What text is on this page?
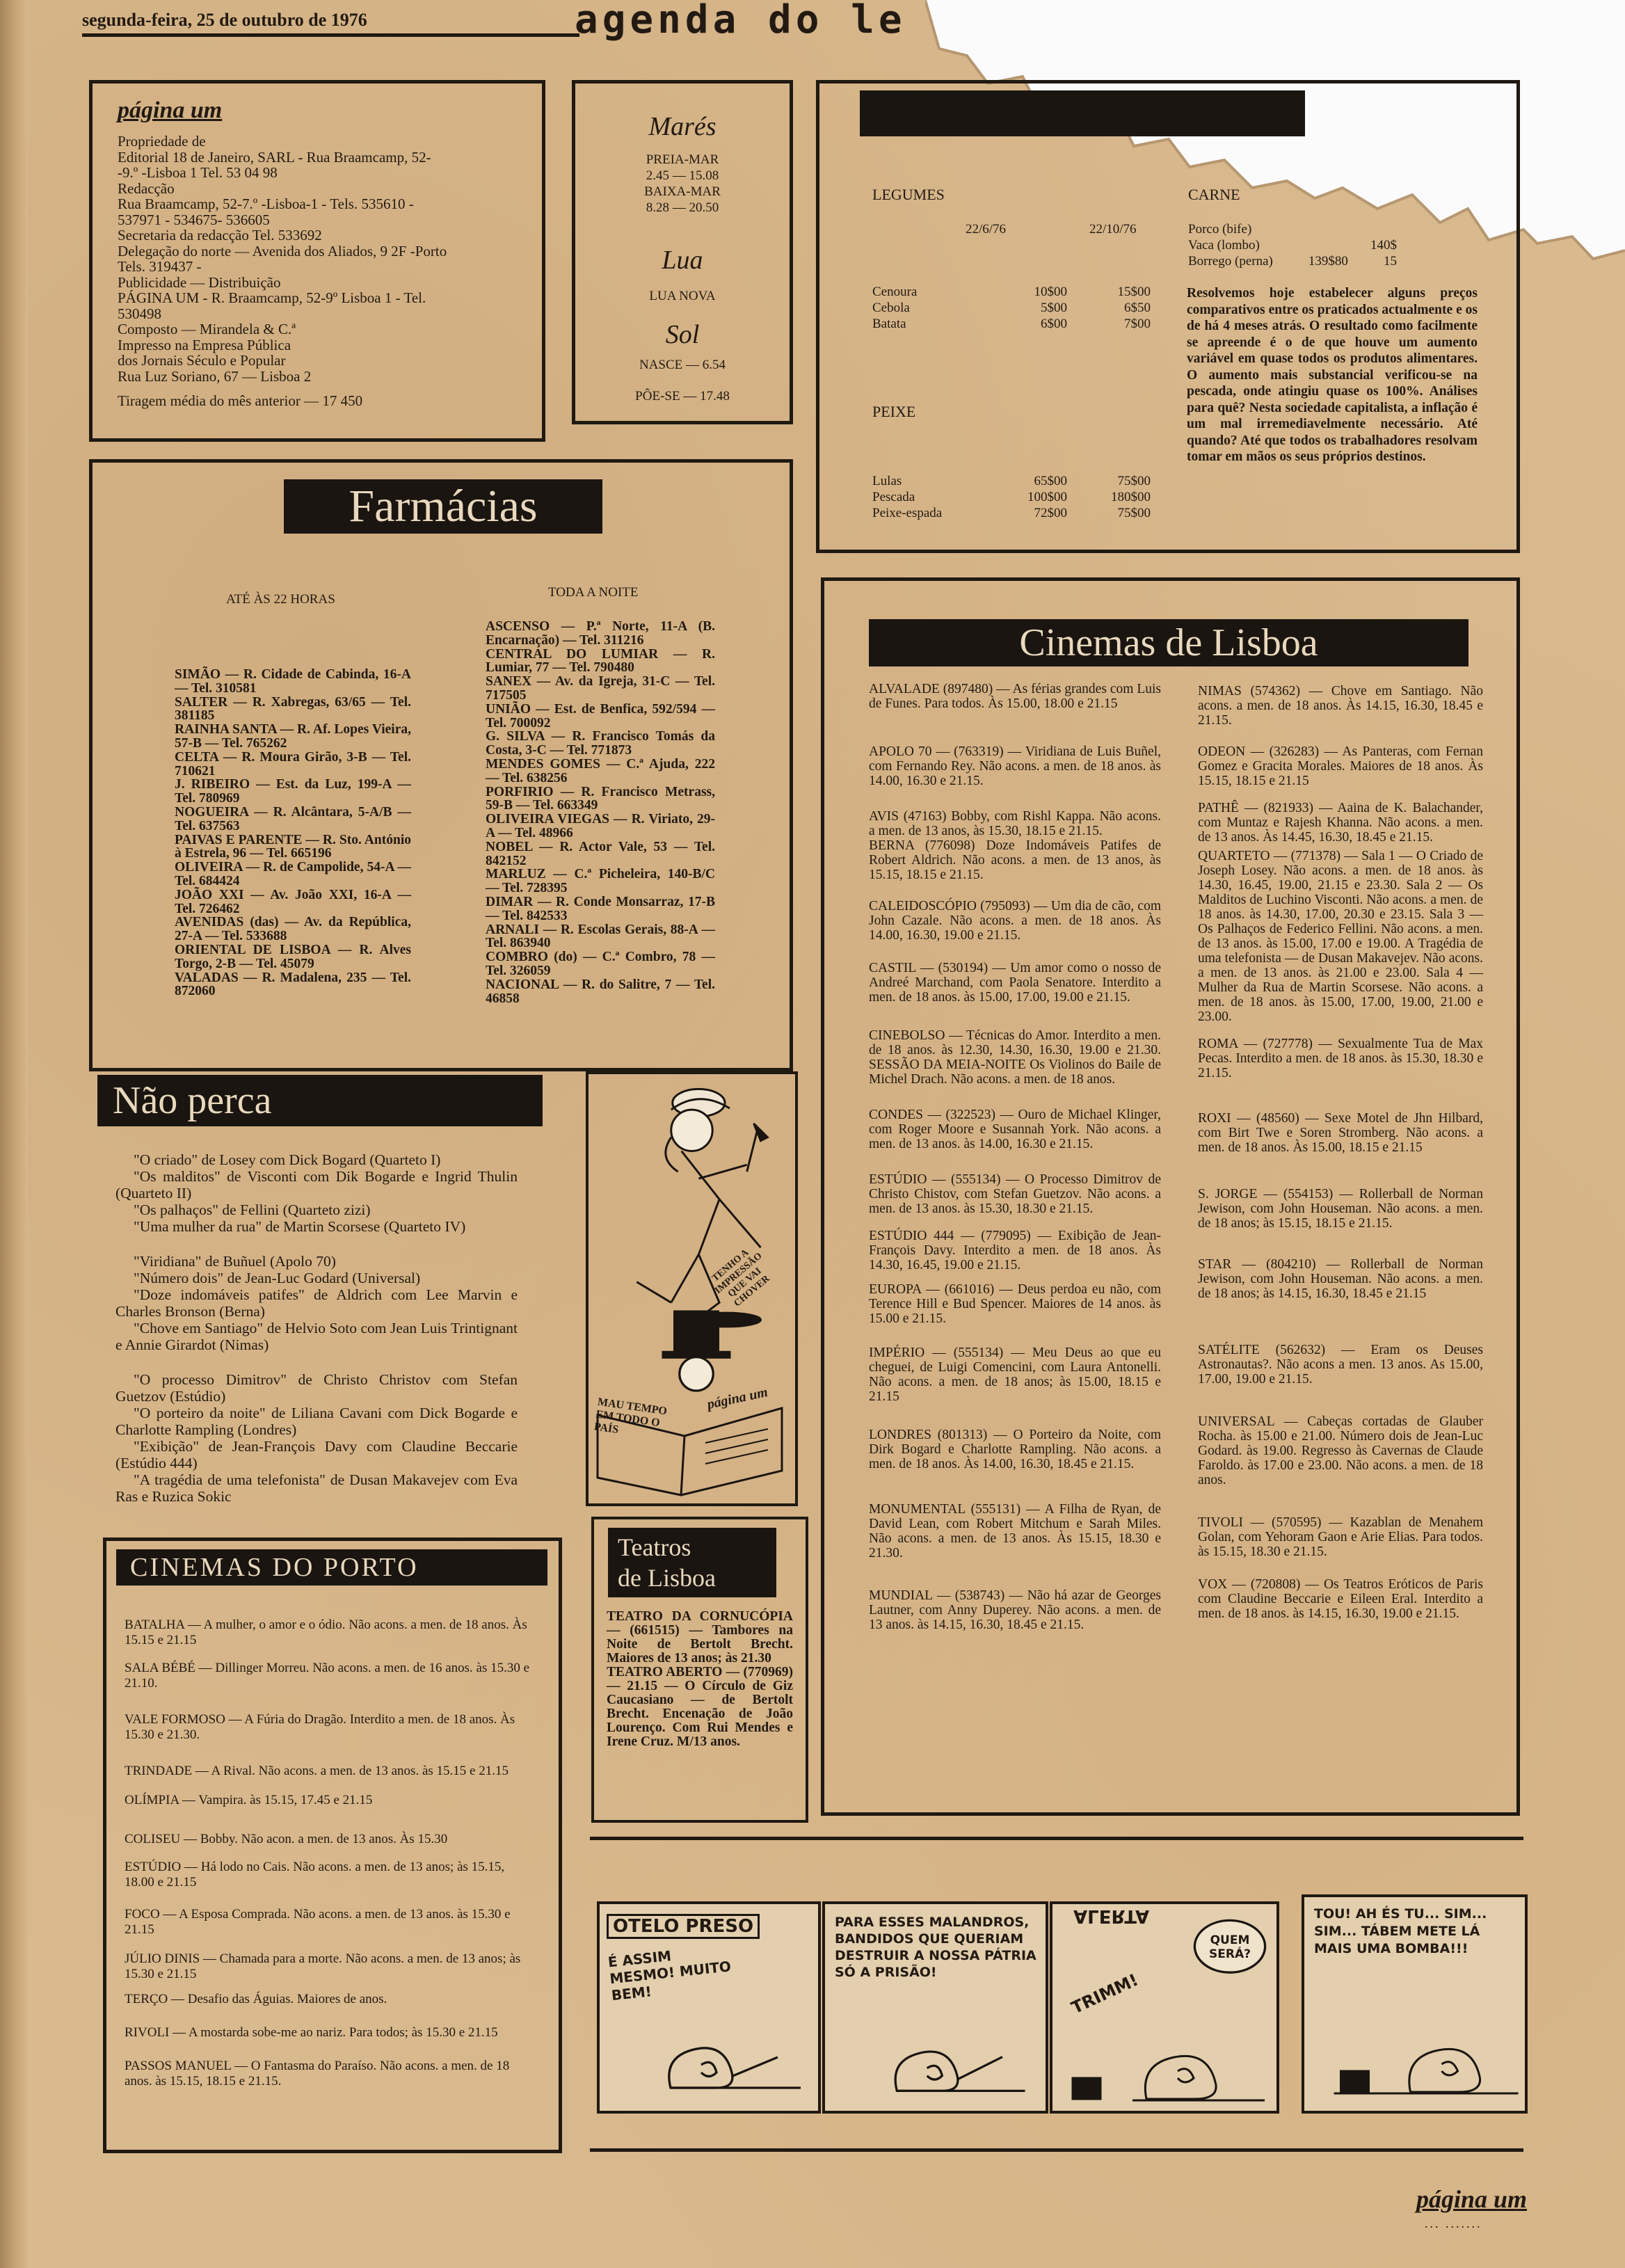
segunda-feira, 25 de outubro de 1976	agenda do le
página um
Propriedade de
Editorial 18 de Janeiro, SARL - Rua Braamcamp, 52-
-9.º -Lisboa 1 Tel. 53 04 98
Redacção
Rua Braamcamp, 52-7.º -Lisboa-1 - Tels. 535610 -
537971 - 534675- 536605
Secretaria da redacção Tel. 533692
Delegação do norte — Avenida dos Aliados, 9 2F -Porto
Tels. 319437 -
Publicidade — Distribuição
PÁGINA UM - R. Braamcamp, 52-9º Lisboa 1 - Tel.
530498
Composto — Mirandela & C.ª
Impresso na Empresa Pública
dos Jornais Século e Popular
Rua Luz Soriano, 67 — Lisboa 2
Tiragem média do mês anterior — 17 450
Marés
PREIA-MAR
2.45 — 15.08
BAIXA-MAR
8.28 — 20.50
Lua
LUA NOVA
Sol
NASCE — 6.54
PÔE-SE — 17.48
LEGUMES	CARNE
22/6/76	22/10/76
Cenoura	10$00	15$00
Cebola	5$00	6$50
Batata	6$00	7$00
PEIXE
Lulas	65$00	75$00
Pescada	100$00	180$00
Peixe-espada	72$00	75$00
Porco (bife)
Vaca (lombo)	140$
Borrego (perna)	139$80	15
Resolvemos hoje estabelecer alguns preços comparativos entre os praticados actualmente e os de há 4 meses atrás. O resultado como facilmente se apreende é o de que houve um aumento variável em quase todos os produtos alimentares. O aumento mais substancial verificou-se na pescada, onde atingiu quase os 100%. Análises para quê? Nesta sociedade capitalista, a inflação é um mal irremediavelmente necessário. Até quando? Até que todos os trabalhadores resolvam tomar em mãos os seus próprios destinos.
Farmácias
ATÉ ÀS 22 HORAS	TODA A NOITE
SIMÃO — R. Cidade de Cabinda, 16-A — Tel. 310581
SALTER — R. Xabregas, 63/65 — Tel. 381185
RAINHA SANTA — R. Af. Lopes Vieira, 57-B — Tel. 765262
CELTA — R. Moura Girão, 3-B — Tel. 710621
J. RIBEIRO — Est. da Luz, 199-A — Tel. 780969
NOGUEIRA — R. Alcântara, 5-A/B — Tel. 637563
PAIVAS E PARENTE — R. Sto. António à Estrela, 96 — Tel. 665196
OLIVEIRA — R. de Campolide, 54-A — Tel. 684424
JOÃO XXI — Av. João XXI, 16-A — Tel. 726462
AVENIDAS (das) — Av. da República, 27-A — Tel. 533688
ORIENTAL DE LISBOA — R. Alves Torgo, 2-B — Tel. 45079
VALADAS — R. Madalena, 235 — Tel. 872060
ASCENSO — P.ª Norte, 11-A (B. Encarnação) — Tel. 311216
CENTRAL DO LUMIAR — R. Lumiar, 77 — Tel. 790480
SANEX — Av. da Igreja, 31-C — Tel. 717505
UNIÃO — Est. de Benfica, 592/594 — Tel. 700092
G. SILVA — R. Francisco Tomás da Costa, 3-C — Tel. 771873
MENDES GOMES — C.ª Ajuda, 222 — Tel. 638256
PORFIRIO — R. Francisco Metrass, 59-B — Tel. 663349
OLIVEIRA VIEGAS — R. Viriato, 29-A — Tel. 48966
NOBEL — R. Actor Vale, 53 — Tel. 842152
MARLUZ — C.ª Picheleira, 140-B/C — Tel. 728395
DIMAR — R. Conde Monsarraz, 17-B — Tel. 842533
ARNALI — R. Escolas Gerais, 88-A — Tel. 863940
COMBRO (do) — C.ª Combro, 78 — Tel. 326059
NACIONAL — R. do Salitre, 7 — Tel. 46858
Não perca
"O criado" de Losey com Dick Bogard (Quarteto I)
"Os malditos" de Visconti com Dik Bogarde e Ingrid Thulin (Quarteto II)
"Os palhaços" de Fellini (Quarteto zizi)
"Uma mulher da rua" de Martin Scorsese (Quarteto IV)
"Viridiana" de Buñuel (Apolo 70)
"Número dois" de Jean-Luc Godard (Universal)
"Doze indomáveis patifes" de Aldrich com Lee Marvin e Charles Bronson (Berna)
"Chove em Santiago" de Helvio Soto com Jean Luis Trintignant e Annie Girardot (Nimas)
"O processo Dimitrov" de Christo Christov com Stefan Guetzov (Estúdio)
"O porteiro da noite" de Liliana Cavani com Dick Bogarde e Charlotte Rampling (Londres)
"Exibição" de Jean-François Davy com Claudine Beccarie (Estúdio 444)
"A tragédia de uma telefonista" de Dusan Makavejev com Eva Ras e Ruzica Sokic
TENHO A IMPRESSÃO QUE VAI CHOVER
página um
MAU TEMPO EM TODO O PAÍS
Teatros
de Lisboa
TEATRO DA CORNUCÓPIA — (661515) — Tambores na Noite de Bertolt Brecht. Maiores de 13 anos; às 21.30
TEATRO ABERTO — (770969) — 21.15 — O Círculo de Giz Caucasiano — de Bertolt Brecht. Encenação de João Lourenço. Com Rui Mendes e Irene Cruz. M/13 anos.
CINEMAS DO PORTO

BATALHA — A mulher, o amor e o ódio. Não acons. a men. de 18 anos. Às 15.15 e 21.15

SALA BÉBÉ — Dillinger Morreu. Não acons. a men. de 16 anos. às 15.30 e 21.10.

VALE FORMOSO — A Fúria do Dragão. Interdito a men. de 18 anos. Às 15.30 e 21.30.

TRINDADE — A Rival. Não acons. a men. de 13 anos. às 15.15 e 21.15

OLÍMPIA — Vampira. às 15.15, 17.45 e 21.15

COLISEU — Bobby. Não acon. a men. de 13 anos. Às 15.30

ESTÚDIO — Há lodo no Cais. Não acons. a men. de 13 anos; às 15.15, 18.00 e 21.15

FOCO — A Esposa Comprada. Não acons. a men. de 13 anos. às 15.30 e 21.15

JÚLIO DINIS — Chamada para a morte. Não acons. a men. de 13 anos; às 15.30 e 21.15

TERÇO — Desafio das Águias. Maiores de anos.

RIVOLI — A mostarda sobe-me ao nariz. Para todos; às 15.30 e 21.15

PASSOS MANUEL — O Fantasma do Paraíso. Não acons. a men. de 18 anos. às 15.15, 18.15 e 21.15.

Cinemas de Lisboa

ALVALADE (897480) — As férias grandes com Luis de Funes. Para todos. Às 15.00, 18.00 e 21.15

APOLO 70 — (763319) — Viridiana de Luis Buñel, com Fernando Rey. Não acons. a men. de 18 anos. às 14.00, 16.30 e 21.15.

AVIS (47163) Bobby, com Rishl Kappa. Não acons. a men. de 13 anos, às 15.30, 18.15 e 21.15.

BERNA (776098) Doze Indomáveis Patifes de Robert Aldrich. Não acons. a men. de 13 anos, às 15.15, 18.15 e 21.15.

CALEIDOSCÓPIO (795093) — Um dia de cão, com John Cazale. Não acons. a men. de 18 anos. Às 14.00, 16.30, 19.00 e 21.15.

CASTIL — (530194) — Um amor como o nosso de Andreé Marchand, com Paola Senatore. Interdito a men. de 18 anos. às 15.00, 17.00, 19.00 e 21.15.

CINEBOLSO — Técnicas do Amor. Interdito a men. de 18 anos. às 12.30, 14.30, 16.30, 19.00 e 21.30. SESSÃO DA MEIA-NOITE Os Violinos do Baile de Michel Drach. Não acons. a men. de 18 anos.

CONDES — (322523) — Ouro de Michael Klinger, com Roger Moore e Susannah York. Não acons. a men. de 13 anos. às 14.00, 16.30 e 21.15.

ESTÚDIO — (555134) — O Processo Dimitrov de Christo Chistov, com Stefan Guetzov. Não acons. a men. de 13 anos. às 15.30, 18.30 e 21.15.

ESTÚDIO 444 — (779095) — Exibição de Jean-François Davy. Interdito a men. de 18 anos. Às 14.30, 16.45, 19.00 e 21.15.

EUROPA — (661016) — Deus perdoa eu não, com Terence Hill e Bud Spencer. Maiores de 14 anos. às 15.00 e 21.15.

IMPÉRIO — (555134) — Meu Deus ao que eu cheguei, de Luigi Comencini, com Laura Antonelli. Não acons. a men. de 18 anos; às 15.00, 18.15 e 21.15

LONDRES (801313) — O Porteiro da Noite, com Dirk Bogard e Charlotte Rampling. Não acons. a men. de 18 anos. Às 14.00, 16.30, 18.45 e 21.15.

MONUMENTAL (555131) — A Filha de Ryan, de David Lean, com Robert Mitchum e Sarah Miles. Não acons. a men. de 13 anos. Às 15.15, 18.30 e 21.30.

MUNDIAL — (538743) — Não há azar de Georges Lautner, com Anny Duperey. Não acons. a men. de 13 anos. às 14.15, 16.30, 18.45 e 21.15.

NIMAS (574362) — Chove em Santiago. Não acons. a men. de 18 anos. Às 14.15, 16.30, 18.45 e 21.15.

ODEON — (326283) — As Panteras, com Fernan Gomez e Gracita Morales. Maiores de 18 anos. Às 15.15, 18.15 e 21.15

PATHÊ — (821933) — Aaina de K. Balachander, com Muntaz e Rajesh Khanna. Não acons. a men. de 13 anos. Às 14.45, 16.30, 18.45 e 21.15.

QUARTETO — (771378) — Sala 1 — O Criado de Joseph Losey. Não acons. a men. de 18 anos. às 14.30, 16.45, 19.00, 21.15 e 23.30. Sala 2 — Os Malditos de Luchino Visconti. Não acons. a men. de 18 anos. às 14.30, 17.00, 20.30 e 23.15. Sala 3 — Os Palhaços de Federico Fellini. Não acons. a men. de 13 anos. às 15.00, 17.00 e 19.00. A Tragédia de uma telefonista — de Dusan Makavejev. Não acons. a men. de 13 anos. às 21.00 e 23.00. Sala 4 — Mulher da Rua de Martin Scorsese. Não acons. a men. de 18 anos. às 15.00, 17.00, 19.00, 21.00 e 23.00.

ROMA — (727778) — Sexualmente Tua de Max Pecas. Interdito a men. de 18 anos. às 15.30, 18.30 e 21.15.

ROXI — (48560) — Sexe Motel de Jhn Hilbard, com Birt Twe e Soren Stromberg. Não acons. a men. de 18 anos. Às 15.00, 18.15 e 21.15

S. JORGE — (554153) — Rollerball de Norman Jewison, com John Houseman. Não acons. a men. de 18 anos; às 15.15, 18.15 e 21.15.

STAR — (804210) — Rollerball de Norman Jewison, com John Houseman. Não acons. a men. de 18 anos; às 14.15, 16.30, 18.45 e 21.15

SATÉLITE (562632) — Eram os Deuses Astronautas?. Não acons a men. 13 anos. As 15.00, 17.00, 19.00 e 21.15.

UNIVERSAL — Cabeças cortadas de Glauber Rocha. às 15.00 e 21.00. Número dois de Jean-Luc Godard. às 19.00. Regresso às Cavernas de Claude Faroldo. às 17.00 e 23.00. Não acons. a men. de 18 anos.

TIVOLI — (570595) — Kazablan de Menahem Golan, com Yehoram Gaon e Arie Elias. Para todos. às 15.15, 18.30 e 21.15.

VOX — (720808) — Os Teatros Eróticos de Paris com Claudine Beccarie e Eileen Eral. Interdito a men. de 18 anos. às 14.15, 16.30, 19.00 e 21.15.

OTELO PRESO
É ASSIM MESMO! MUITO BEM!
PARA ESSES MALANDROS, BANDIDOS QUE QUERIAM DESTRUIR A NOSSA PÁTRIA SÓ A PRISÃO!
ALERTA
TRIMM!
QUEM SERÁ?
TOU! AH ÉS TU... SIM... SIM... TÁBEM METE LÁ MAIS UMA BOMBA!!!
página um
... .......
